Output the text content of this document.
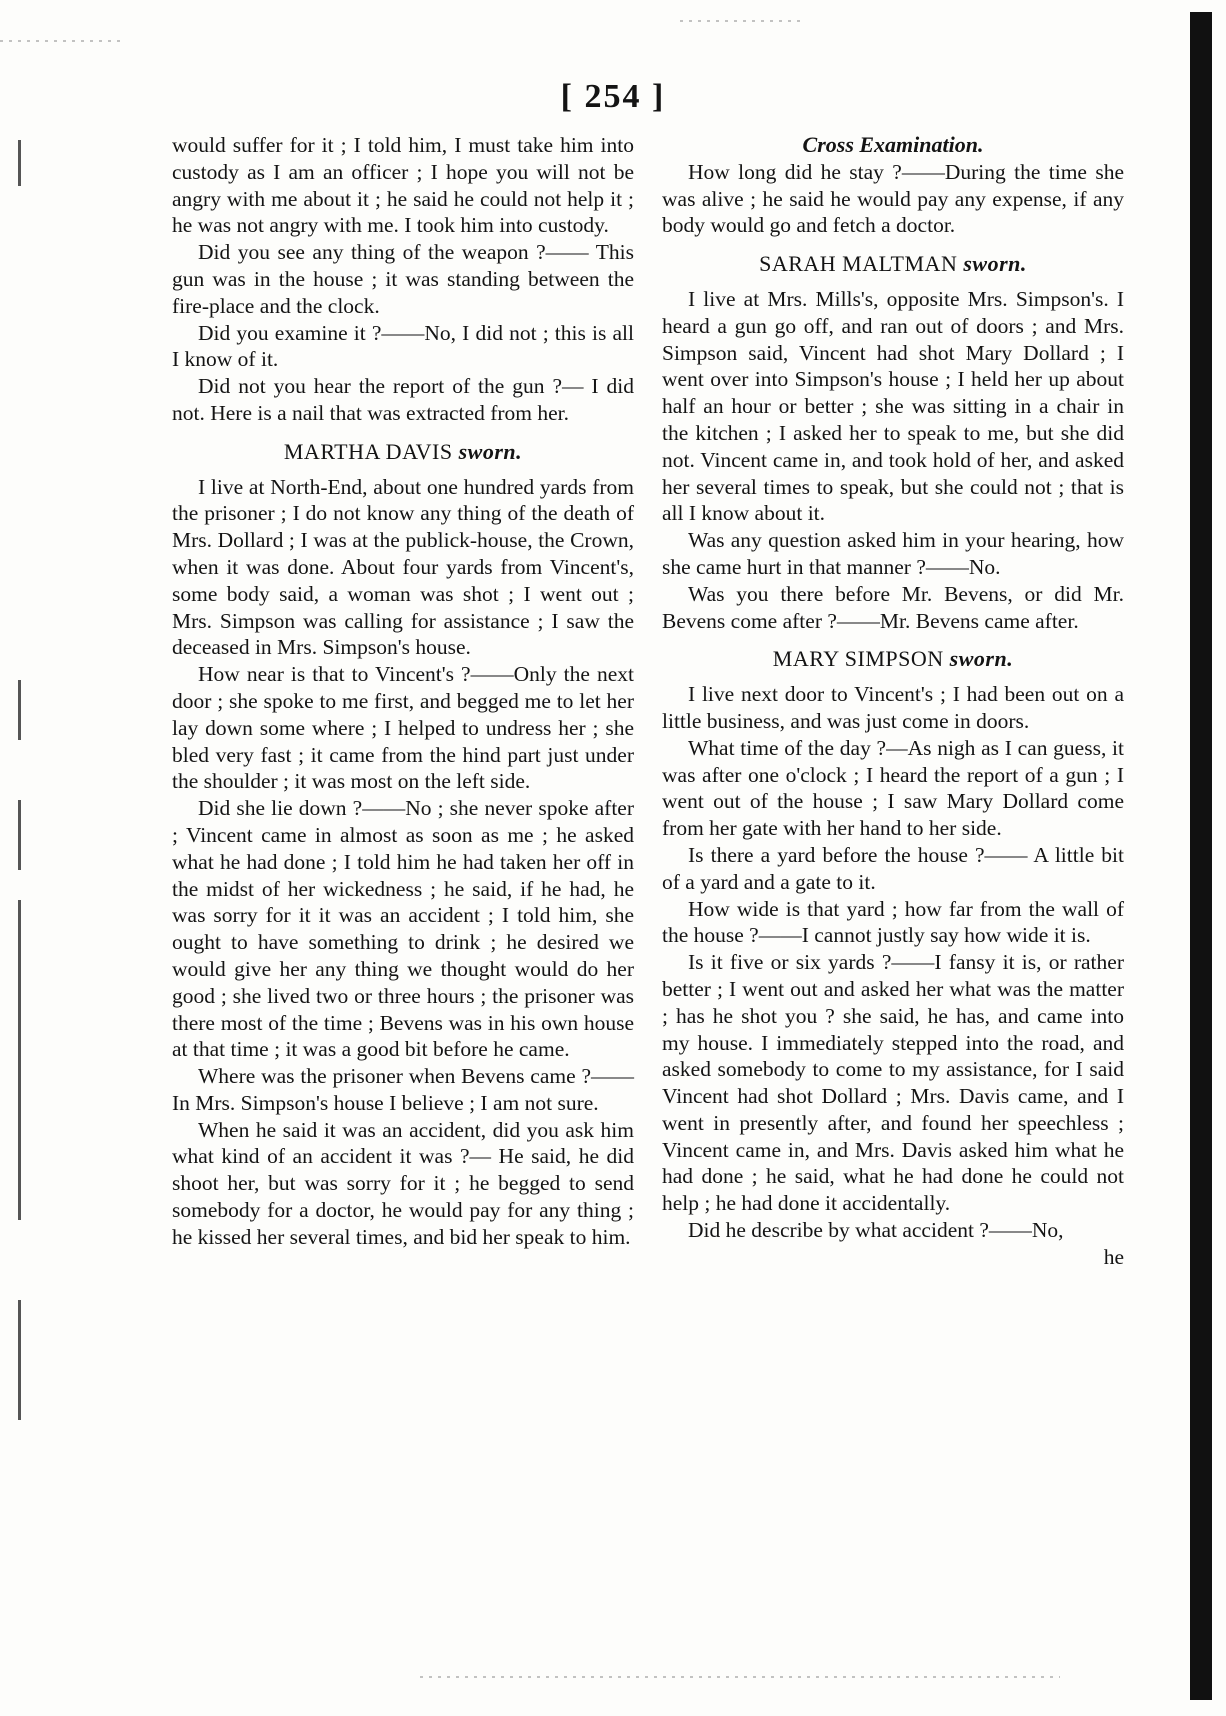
[ 254 ]

would suffer for it ; I told him, I must take him into custody as I am an officer ; I hope you will not be angry with me about it ; he said he could not help it ; he was not angry with me. I took him into custody.

Did you see any thing of the weapon ?—— This gun was in the house ; it was standing between the fire-place and the clock.

Did you examine it ?——No, I did not ; this is all I know of it.

Did not you hear the report of the gun ?— I did not. Here is a nail that was extracted from her.

MARTHA DAVIS sworn.

I live at North-End, about one hundred yards from the prisoner ; I do not know any thing of the death of Mrs. Dollard ; I was at the publick-house, the Crown, when it was done. About four yards from Vincent's, some body said, a woman was shot ; I went out ; Mrs. Simpson was calling for assistance ; I saw the deceased in Mrs. Simpson's house.

How near is that to Vincent's ?——Only the next door ; she spoke to me first, and begged me to let her lay down some where ; I helped to undress her ; she bled very fast ; it came from the hind part just under the shoulder ; it was most on the left side.

Did she lie down ?——No ; she never spoke after ; Vincent came in almost as soon as me ; he asked what he had done ; I told him he had taken her off in the midst of her wickedness ; he said, if he had, he was sorry for it it was an accident ; I told him, she ought to have something to drink ; he desired we would give her any thing we thought would do her good ; she lived two or three hours ; the prisoner was there most of the time ; Bevens was in his own house at that time ; it was a good bit before he came.

Where was the prisoner when Bevens came ?——In Mrs. Simpson's house I believe ; I am not sure.

When he said it was an accident, did you ask him what kind of an accident it was ?— He said, he did shoot her, but was sorry for it ; he begged to send somebody for a doctor, he would pay for any thing ; he kissed her several times, and bid her speak to him.

Cross Examination.

How long did he stay ?——During the time she was alive ; he said he would pay any expense, if any body would go and fetch a doctor.

SARAH MALTMAN sworn.

I live at Mrs. Mills's, opposite Mrs. Simpson's. I heard a gun go off, and ran out of doors ; and Mrs. Simpson said, Vincent had shot Mary Dollard ; I went over into Simpson's house ; I held her up about half an hour or better ; she was sitting in a chair in the kitchen ; I asked her to speak to me, but she did not. Vincent came in, and took hold of her, and asked her several times to speak, but she could not ; that is all I know about it.

Was any question asked him in your hearing, how she came hurt in that manner ?——No.

Was you there before Mr. Bevens, or did Mr. Bevens come after ?——Mr. Bevens came after.

MARY SIMPSON sworn.

I live next door to Vincent's ; I had been out on a little business, and was just come in doors.

What time of the day ?—As nigh as I can guess, it was after one o'clock ; I heard the report of a gun ; I went out of the house ; I saw Mary Dollard come from her gate with her hand to her side.

Is there a yard before the house ?—— A little bit of a yard and a gate to it.

How wide is that yard ; how far from the wall of the house ?——I cannot justly say how wide it is.

Is it five or six yards ?——I fansy it is, or rather better ; I went out and asked her what was the matter ; has he shot you ? she said, he has, and came into my house. I immediately stepped into the road, and asked somebody to come to my assistance, for I said Vincent had shot Dollard ; Mrs. Davis came, and I went in presently after, and found her speechless ; Vincent came in, and Mrs. Davis asked him what he had done ; he said, what he had done he could not help ; he had done it accidentally.

Did he describe by what accident ?——No,

he
